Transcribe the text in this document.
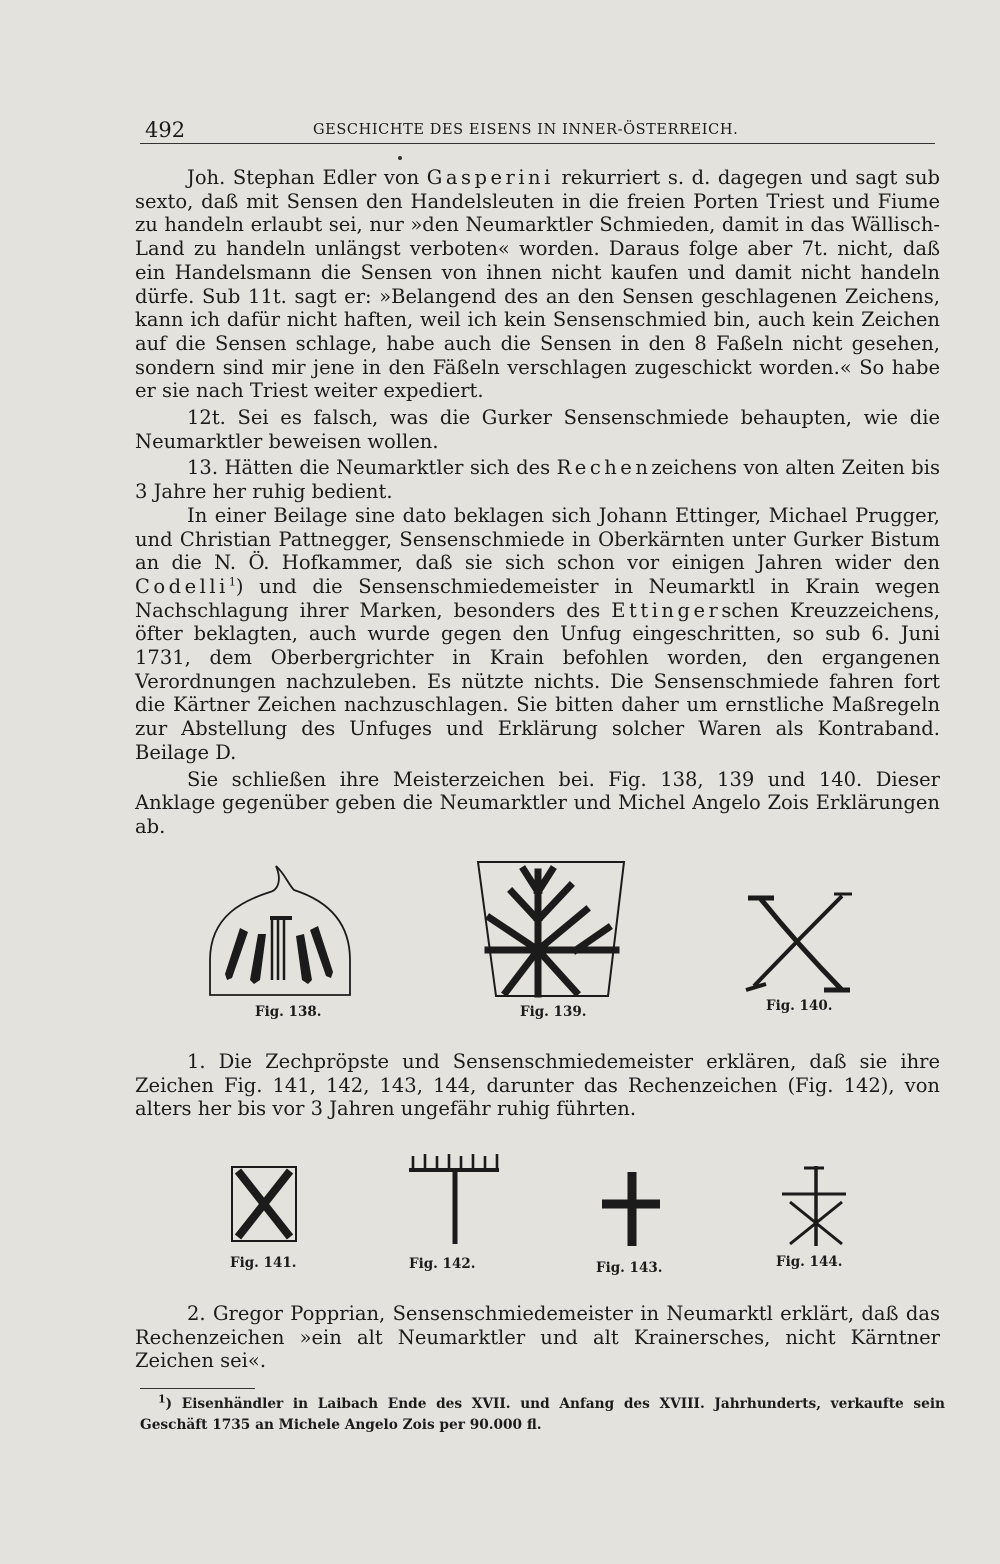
492	GESCHICHTE DES EISENS IN INNER-ÖSTERREICH.

Joh. Stephan Edler von Gasperini rekurriert s. d. dagegen und sagt sub sexto, daß mit Sensen den Handelsleuten in die freien Porten Triest und Fiume zu handeln erlaubt sei, nur »den Neumarktler Schmieden, damit in das Wällisch-Land zu handeln unlängst verboten« worden. Daraus folge aber 7t. nicht, daß ein Handelsmann die Sensen von ihnen nicht kaufen und damit nicht handeln dürfe. Sub 11t. sagt er: »Belangend des an den Sensen geschlagenen Zeichens, kann ich dafür nicht haften, weil ich kein Sensenschmied bin, auch kein Zeichen auf die Sensen schlage, habe auch die Sensen in den 8 Faßeln nicht gesehen, sondern sind mir jene in den Fäßeln verschlagen zugeschickt worden.« So habe er sie nach Triest weiter expediert.

12t. Sei es falsch, was die Gurker Sensenschmiede behaupten, wie die Neumarktler beweisen wollen.

13. Hätten die Neumarktler sich des Rechenzeichens von alten Zeiten bis 3 Jahre her ruhig bedient.

In einer Beilage sine dato beklagen sich Johann Ettinger, Michael Prugger, und Christian Pattnegger, Sensenschmiede in Oberkärnten unter Gurker Bistum an die N. Ö. Hofkammer, daß sie sich schon vor einigen Jahren wider den Codelli$^1$) und die Sensenschmiedemeister in Neumarktl in Krain wegen Nachschlagung ihrer Marken, besonders des Ettingerschen Kreuzzeichens, öfter beklagten, auch wurde gegen den Unfug eingeschritten, so sub 6. Juni 1731, dem Oberbergrichter in Krain befohlen worden, den ergangenen Verordnungen nachzuleben. Es nützte nichts. Die Sensenschmiede fahren fort die Kärtner Zeichen nachzuschlagen. Sie bitten daher um ernstliche Maßregeln zur Abstellung des Unfuges und Erklärung solcher Waren als Kontraband. Beilage D.

Sie schließen ihre Meisterzeichen bei. Fig. 138, 139 und 140. Dieser Anklage gegenüber geben die Neumarktler und Michel Angelo Zois Erklärungen ab.

Fig. 138.	Fig. 139.	Fig. 140.

1. Die Zechpröpste und Sensenschmiedemeister erklären, daß sie ihre Zeichen Fig. 141, 142, 143, 144, darunter das Rechenzeichen (Fig. 142), von alters her bis vor 3 Jahren ungefähr ruhig führten.

Fig. 141.	Fig. 142.	Fig. 143.	Fig. 144.

2. Gregor Popprian, Sensenschmiedemeister in Neumarktl erklärt, daß das Rechenzeichen »ein alt Neumarktler und alt Krainersches, nicht Kärntner Zeichen sei«.

$^1$) Eisenhändler in Laibach Ende des XVII. und Anfang des XVIII. Jahrhunderts, verkaufte sein Geschäft 1735 an Michele Angelo Zois per 90.000 fl.
